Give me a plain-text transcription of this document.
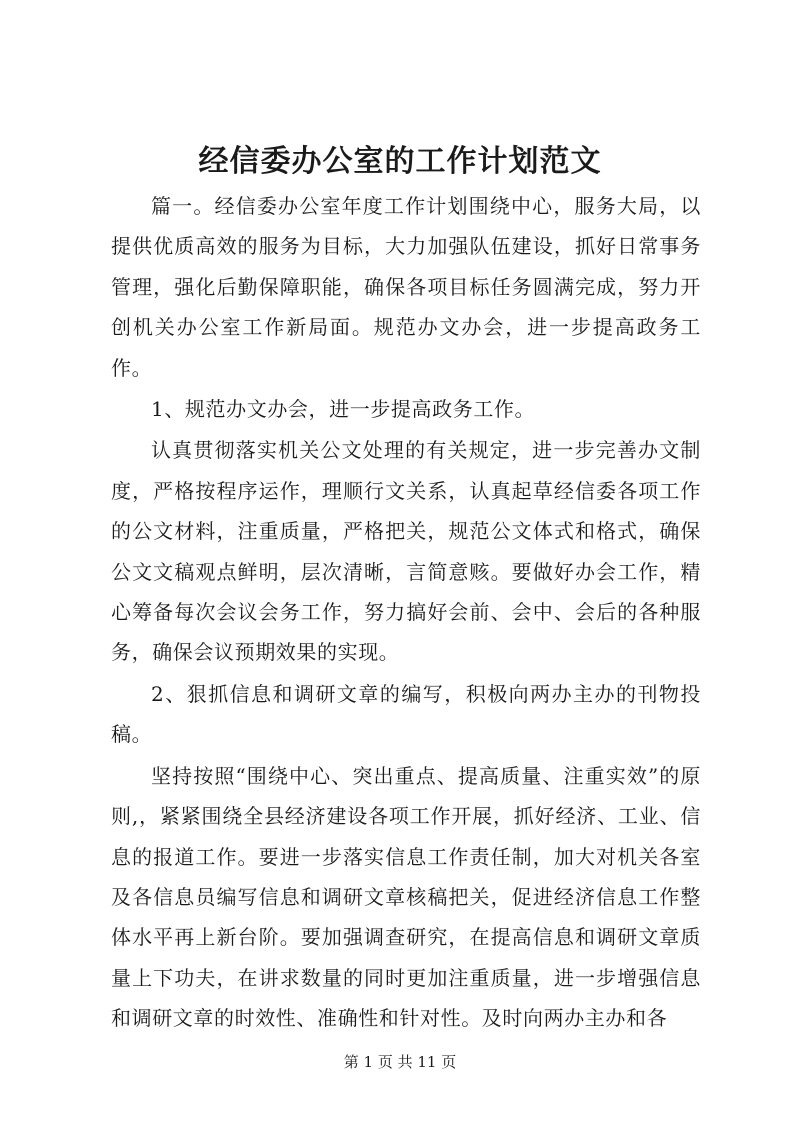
经信委办公室的工作计划范文

篇一。经信委办公室年度工作计划围绕中心，服务大局，以提供优质高效的服务为目标，大力加强队伍建设，抓好日常事务管理，强化后勤保障职能，确保各项目标任务圆满完成，努力开创机关办公室工作新局面。规范办文办会，进一步提高政务工作。

1、规范办文办会，进一步提高政务工作。

认真贯彻落实机关公文处理的有关规定，进一步完善办文制度，严格按程序运作，理顺行文关系，认真起草经信委各项工作的公文材料，注重质量，严格把关，规范公文体式和格式，确保公文文稿观点鲜明，层次清晰，言简意赅。要做好办会工作，精心筹备每次会议会务工作，努力搞好会前、会中、会后的各种服务，确保会议预期效果的实现。

2、狠抓信息和调研文章的编写，积极向两办主办的刊物投稿。

坚持按照“围绕中心、突出重点、提高质量、注重实效”的原则,，紧紧围绕全县经济建设各项工作开展，抓好经济、工业、信息的报道工作。要进一步落实信息工作责任制，加大对机关各室及各信息员编写信息和调研文章核稿把关，促进经济信息工作整体水平再上新台阶。要加强调查研究，在提高信息和调研文章质量上下功夫，在讲求数量的同时更加注重质量，进一步增强信息和调研文章的时效性、准确性和针对性。及时向两办主办和各

第 1 页 共 11 页
